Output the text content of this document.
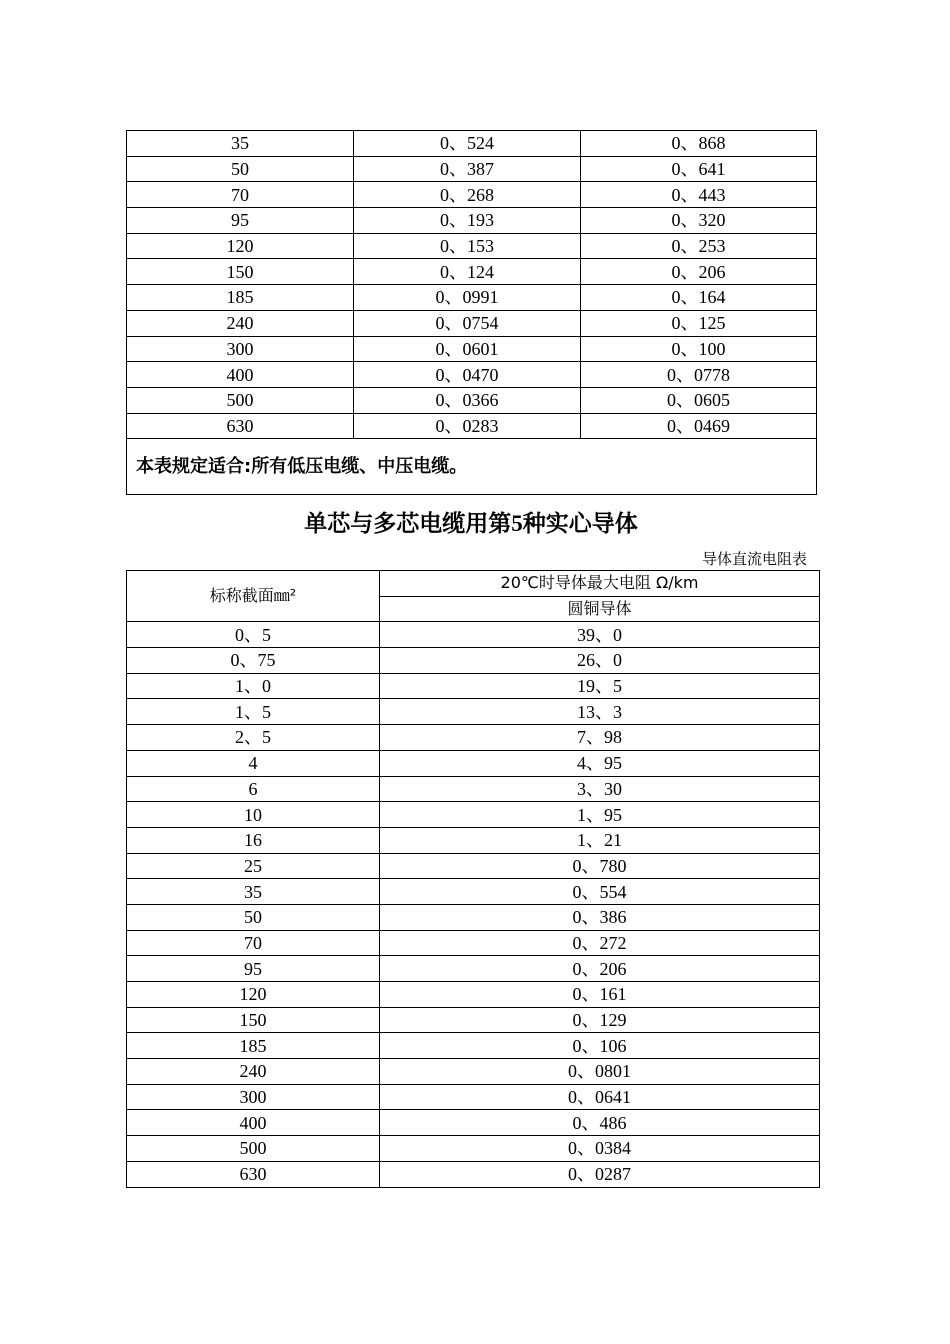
35	0、524	0、868
50	0、387	0、641
70	0、268	0、443
95	0、193	0、320
120	0、153	0、253
150	0、124	0、206
185	0、0991	0、164
240	0、0754	0、125
300	0、0601	0、100
400	0、0470	0、0778
500	0、0366	0、0605
630	0、0283	0、0469
本表规定适合:所有低压电缆、中压电缆。		
单芯与多芯电缆用第5种实心导体
导体直流电阻表
标称截面㎜²	20℃时导体最大电阻 Ω/km
	圆铜导体
0、5	39、0
0、75	26、0
1、0	19、5
1、5	13、3
2、5	7、98
4	4、95
6	3、30
10	1、95
16	1、21
25	0、780
35	0、554
50	0、386
70	0、272
95	0、206
120	0、161
150	0、129
185	0、106
240	0、0801
300	0、0641
400	0、486
500	0、0384
630	0、0287
